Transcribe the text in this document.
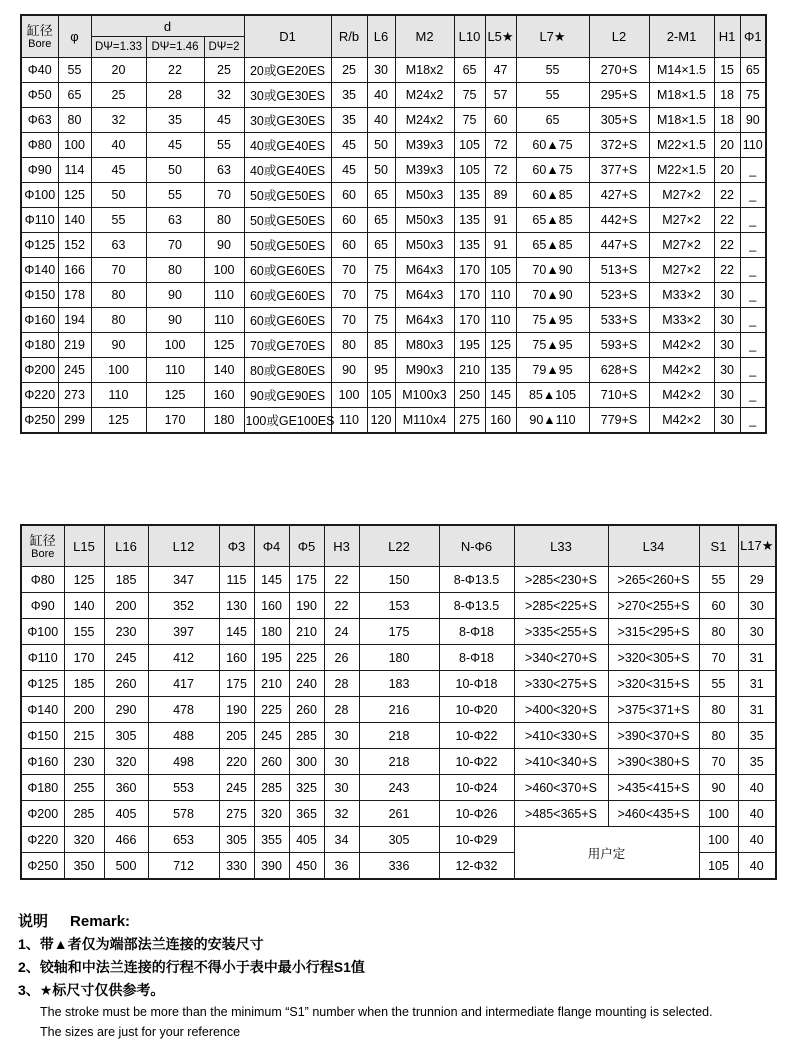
缸径
Bore	φ	d			D1	R/b	L6	M2	L10	L5★	L7★	L2	2-M1	H1	Φ1
		DΨ=1.33	DΨ=1.46	DΨ=2											
Φ40	55	20	22	25	20或GE20ES	25	30	M18x2	65	47	55	270+S	M14×1.5	15	65
Φ50	65	25	28	32	30或GE30ES	35	40	M24x2	75	57	55	295+S	M18×1.5	18	75
Φ63	80	32	35	45	30或GE30ES	35	40	M24x2	75	60	65	305+S	M18×1.5	18	90
Φ80	100	40	45	55	40或GE40ES	45	50	M39x3	105	72	60▲75	372+S	M22×1.5	20	110
Φ90	114	45	50	63	40或GE40ES	45	50	M39x3	105	72	60▲75	377+S	M22×1.5	20	_
Φ100	125	50	55	70	50或GE50ES	60	65	M50x3	135	89	60▲85	427+S	M27×2	22	_
Φ110	140	55	63	80	50或GE50ES	60	65	M50x3	135	91	65▲85	442+S	M27×2	22	_
Φ125	152	63	70	90	50或GE50ES	60	65	M50x3	135	91	65▲85	447+S	M27×2	22	_
Φ140	166	70	80	100	60或GE60ES	70	75	M64x3	170	105	70▲90	513+S	M27×2	22	_
Φ150	178	80	90	110	60或GE60ES	70	75	M64x3	170	110	70▲90	523+S	M33×2	30	_
Φ160	194	80	90	110	60或GE60ES	70	75	M64x3	170	110	75▲95	533+S	M33×2	30	_
Φ180	219	90	100	125	70或GE70ES	80	85	M80x3	195	125	75▲95	593+S	M42×2	30	_
Φ200	245	100	110	140	80或GE80ES	90	95	M90x3	210	135	79▲95	628+S	M42×2	30	_
Φ220	273	110	125	160	90或GE90ES	100	105	M100x3	250	145	85▲105	710+S	M42×2	30	_
Φ250	299	125	170	180	100或GE100ES	110	120	M110x4	275	160	90▲110	779+S	M42×2	30	_
缸径
Bore	L15	L16	L12	Φ3	Φ4	Φ5	H3	L22	N-Φ6	L33	L34	S1	L17★
Φ80	125	185	347	115	145	175	22	150	8-Φ13.5	>285<230+S	>265<260+S	55	29
Φ90	140	200	352	130	160	190	22	153	8-Φ13.5	>285<225+S	>270<255+S	60	30
Φ100	155	230	397	145	180	210	24	175	8-Φ18	>335<255+S	>315<295+S	80	30
Φ110	170	245	412	160	195	225	26	180	8-Φ18	>340<270+S	>320<305+S	70	31
Φ125	185	260	417	175	210	240	28	183	10-Φ18	>330<275+S	>320<315+S	55	31
Φ140	200	290	478	190	225	260	28	216	10-Φ20	>400<320+S	>375<371+S	80	31
Φ150	215	305	488	205	245	285	30	218	10-Φ22	>410<330+S	>390<370+S	80	35
Φ160	230	320	498	220	260	300	30	218	10-Φ22	>410<340+S	>390<380+S	70	35
Φ180	255	360	553	245	285	325	30	243	10-Φ24	>460<370+S	>435<415+S	90	40
Φ200	285	405	578	275	320	365	32	261	10-Φ26	>485<365+S	>460<435+S	100	40
Φ220	320	466	653	305	355	405	34	305	10-Φ29	用户定		100	40
Φ250	350	500	712	330	390	450	36	336	12-Φ32			105	40
说明 Remark:
1、带▲者仅为端部法兰连接的安装尺寸
2、铰轴和中法兰连接的行程不得小于表中最小行程S1值
3、★标尺寸仅供参考。
The stroke must be more than the minimum “S1” number when the trunnion and intermediate flange mounting is selected.
The sizes are just for your reference
